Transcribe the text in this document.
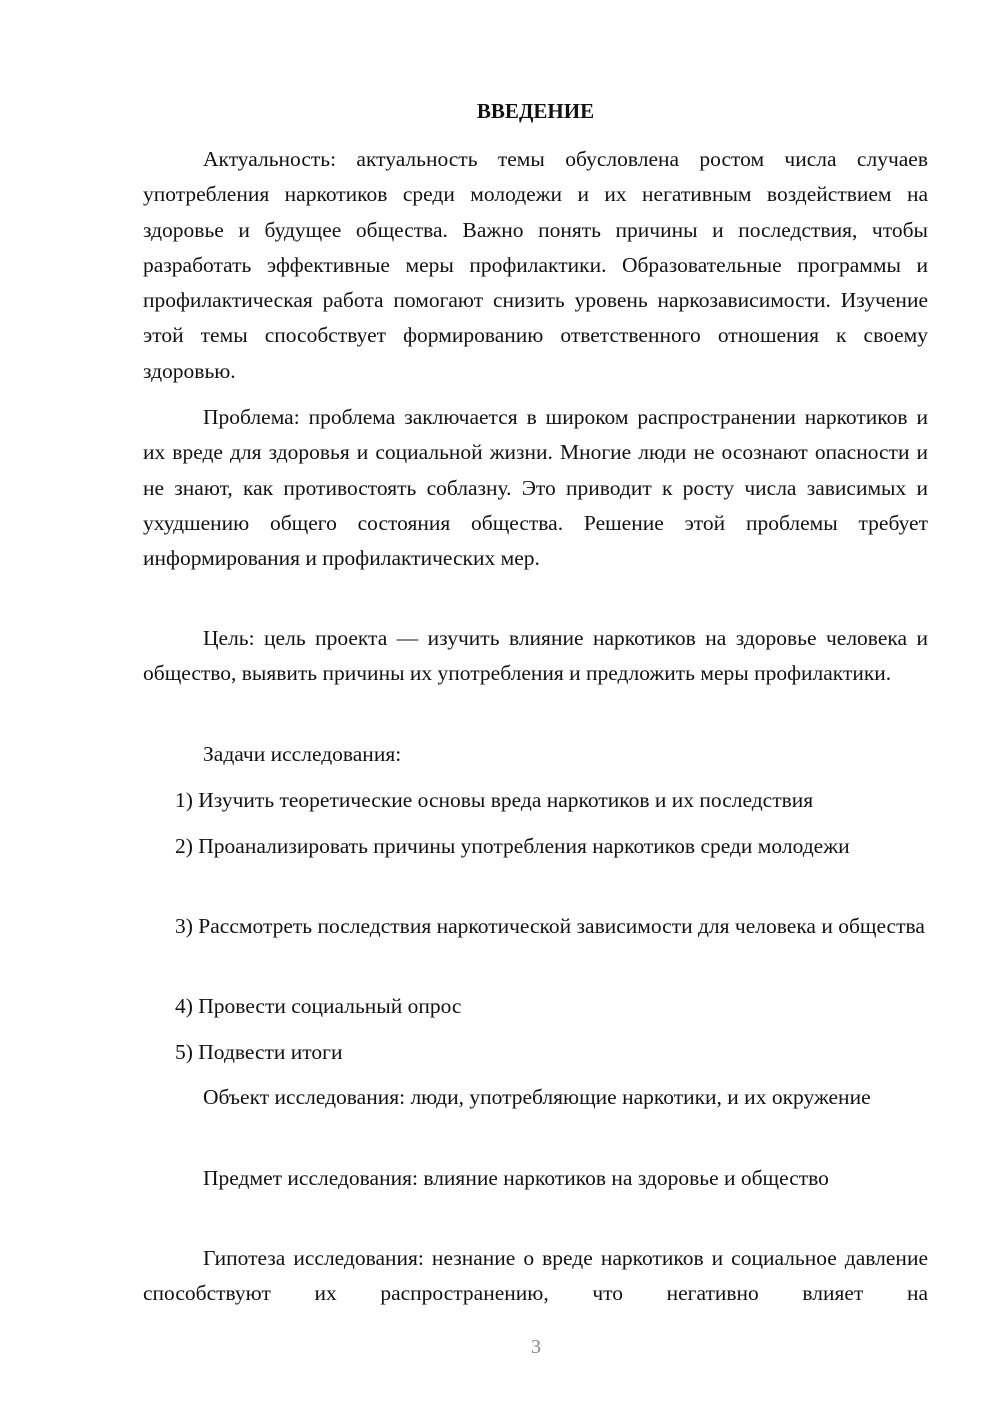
ВВЕДЕНИЕ

Актуальность: актуальность темы обусловлена ростом числа случаев употребления наркотиков среди молодежи и их негативным воздействием на здоровье и будущее общества. Важно понять причины и последствия, чтобы разработать эффективные меры профилактики. Образовательные программы и профилактическая работа помогают снизить уровень наркозависимости. Изучение этой темы способствует формированию ответственного отношения к своему здоровью.

Проблема: проблема заключается в широком распространении наркотиков и их вреде для здоровья и социальной жизни. Многие люди не осознают опасности и не знают, как противостоять соблазну. Это приводит к росту числа зависимых и ухудшению общего состояния общества. Решение этой проблемы требует информирования и профилактических мер.

Цель: цель проекта — изучить влияние наркотиков на здоровье человека и общество, выявить причины их употребления и предложить меры профилактики.

Задачи исследования:

1) Изучить теоретические основы вреда наркотиков и их последствия

2) Проанализировать причины употребления наркотиков среди молодежи

3) Рассмотреть последствия наркотической зависимости для человека и общества

4) Провести социальный опрос

5) Подвести итоги

Объект исследования: люди, употребляющие наркотики, и их окружение

Предмет исследования: влияние наркотиков на здоровье и общество

Гипотеза исследования: незнание о вреде наркотиков и социальное давление способствуют их распространению, что негативно влияет на

3
